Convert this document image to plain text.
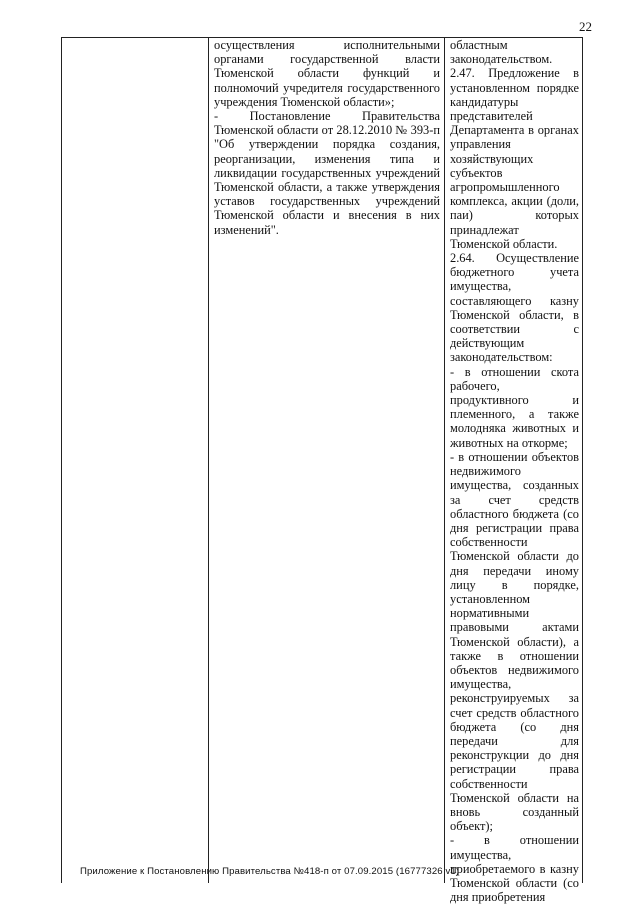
22

осуществления исполнительными органами государственной власти Тюменской области функций и полномочий учредителя государственного учреждения Тюменской области»;

- Постановление Правительства Тюменской области от 28.12.2010 № 393-п "Об утверждении порядка создания, реорганизации, изменения типа и ликвидации государственных учреждений Тюменской области, а также утверждения уставов государственных учреждений Тюменской области и внесения в них изменений".

областным законодательством.

2.47. Предложение в установленном порядке кандидатуры представителей Департамента в органах управления хозяйствующих субъектов агропромышленного комплекса, акции (доли, паи) которых принадлежат Тюменской области.

2.64. Осуществление бюджетного учета имущества, составляющего казну Тюменской области, в соответствии с действующим законодательством:

- в отношении скота рабочего, продуктивного и племенного, а также молодняка животных и животных на откорме;

- в отношении объектов недвижимого имущества, созданных за счет средств областного бюджета (со дня регистрации права собственности Тюменской области до дня передачи иному лицу в порядке, установленном нормативными правовыми актами Тюменской области), а также в отношении объектов недвижимого имущества, реконструируемых за счет средств областного бюджета (со дня передачи для реконструкции до дня регистрации права собственности Тюменской области на вновь созданный объект);

- в отношении имущества, приобретаемого в казну Тюменской области (со дня приобретения

Приложение к Постановлению Правительства №418-п от 07.09.2015 (16777326 v1)
